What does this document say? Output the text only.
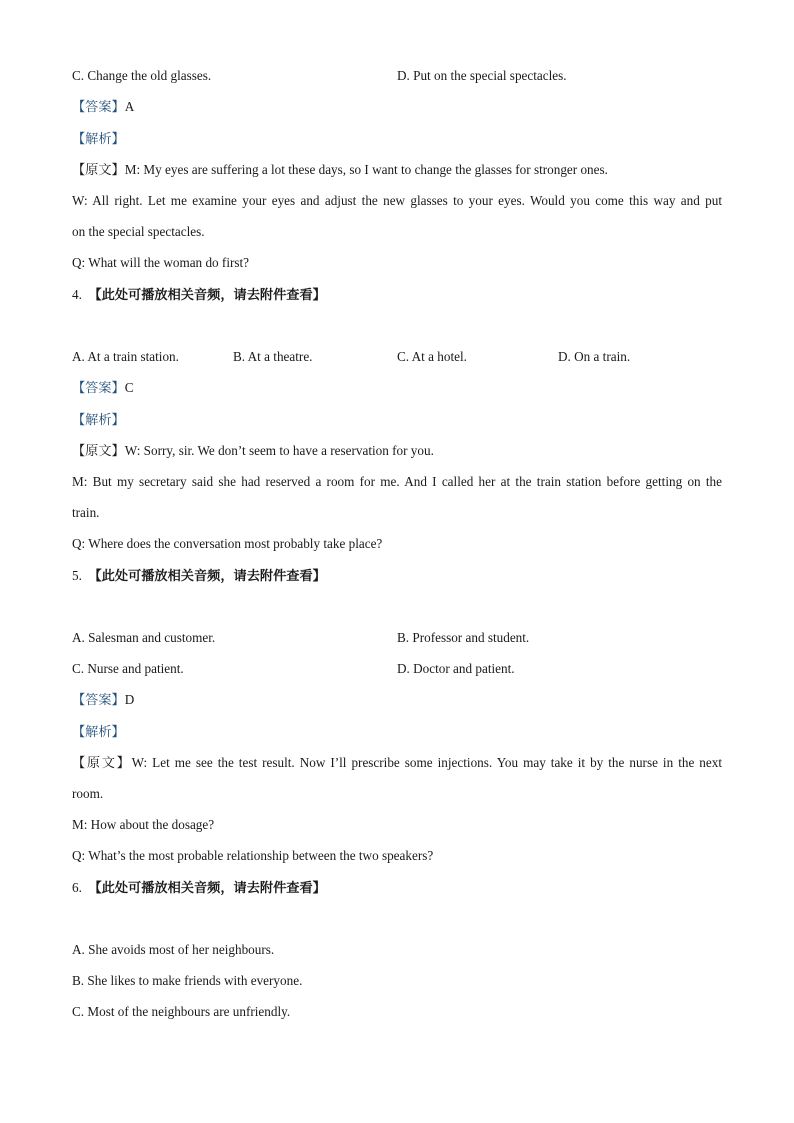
C. Change the old glasses.	D. Put on the special spectacles.
【答案】A
【解析】
【原文】M: My eyes are suffering a lot these days, so I want to change the glasses for stronger ones.
W: All right. Let me examine your eyes and adjust the new glasses to your eyes. Would you come this way and put
on the special spectacles.
Q: What will the woman do first?
4. 【此处可播放相关音频，请去附件查看】
A. At a train station.	B. At a theatre.	C. At a hotel.	D. On a train.
【答案】C
【解析】
【原文】W: Sorry, sir. We don’t seem to have a reservation for you.
M: But my secretary said she had reserved a room for me. And I called her at the train station before getting on the
train.
Q: Where does the conversation most probably take place?
5. 【此处可播放相关音频，请去附件查看】
A. Salesman and customer.	B. Professor and student.
C. Nurse and patient.	D. Doctor and patient.
【答案】D
【解析】
【原文】W: Let me see the test result. Now I’ll prescribe some injections. You may take it by the nurse in the next
room.
M: How about the dosage?
Q: What’s the most probable relationship between the two speakers?
6. 【此处可播放相关音频，请去附件查看】
A. She avoids most of her neighbours.
B. She likes to make friends with everyone.
C. Most of the neighbours are unfriendly.
